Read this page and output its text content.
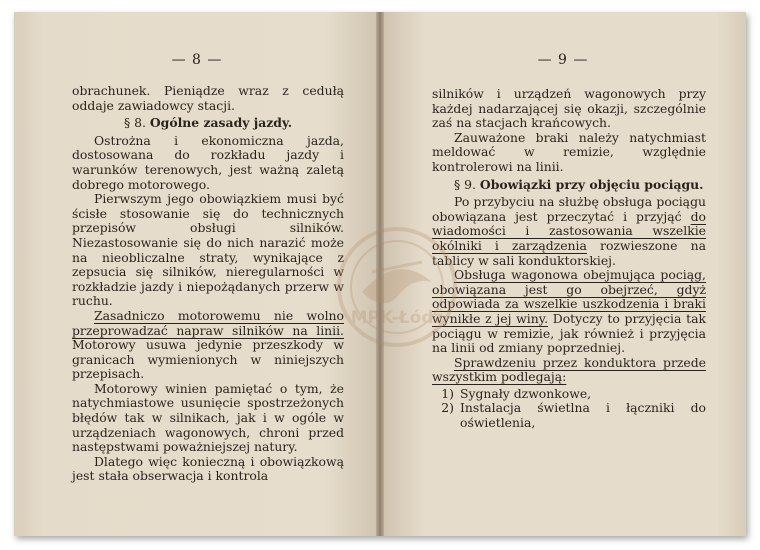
— 8 —

obrachunek. Pieniądze wraz z cedułą oddaje zawiadowcy stacji.

§ 8. Ogólne zasady jazdy.

Ostrożna i ekonomiczna jazda, dostosowana do rozkładu jazdy i warunków terenowych, jest ważną zaletą dobrego motorowego.

Pierwszym jego obowiązkiem musi być ścisłe stosowanie się do technicznych przepisów obsługi silników. Niezastosowanie się do nich narazić może na nieobliczalne straty, wynikające z zepsucia się silników, nieregularności w rozkładzie jazdy i niepożądanych przerw w ruchu.

Zasadniczo motorowemu nie wolno przeprowadzać napraw silników na linii. Motorowy usuwa jedynie przeszkody w granicach wymienionych w niniejszych przepisach.

Motorowy winien pamiętać o tym, że natychmiastowe usunięcie spostrzeżonych błędów tak w silnikach, jak i w ogóle w urządzeniach wagonowych, chroni przed następstwami poważniejszej natury.

Dlatego więc konieczną i obowiązkową jest stała obserwacja i kontrola

— 9 —

silników i urządzeń wagonowych przy każdej nadarzającej się okazji, szczególnie zaś na stacjach krańcowych.

Zauważone braki należy natychmiast meldować w remizie, względnie kontrolerowi na linii.

§ 9. Obowiązki przy objęciu pociągu.

Po przybyciu na służbę obsługa pociągu obowiązana jest przeczytać i przyjąć do wiadomości i zastosowania wszelkie okólniki i zarządzenia rozwieszone na tablicy w sali konduktorskiej.

Obsługa wagonowa obejmująca pociąg, obowiązana jest go obejrzeć, gdyż odpowiada za wszelkie uszkodzenia i braki wynikłe z jej winy. Dotyczy to przyjęcia tak pociągu w remizie, jak również i przyjęcia na linii od zmiany poprzedniej.

Sprawdzeniu przez konduktora przede wszystkim podlegają:

1) Sygnały dzwonkowe,
2) Instalacja świetlna i łączniki do oświetlenia,
MPK-Łódź
